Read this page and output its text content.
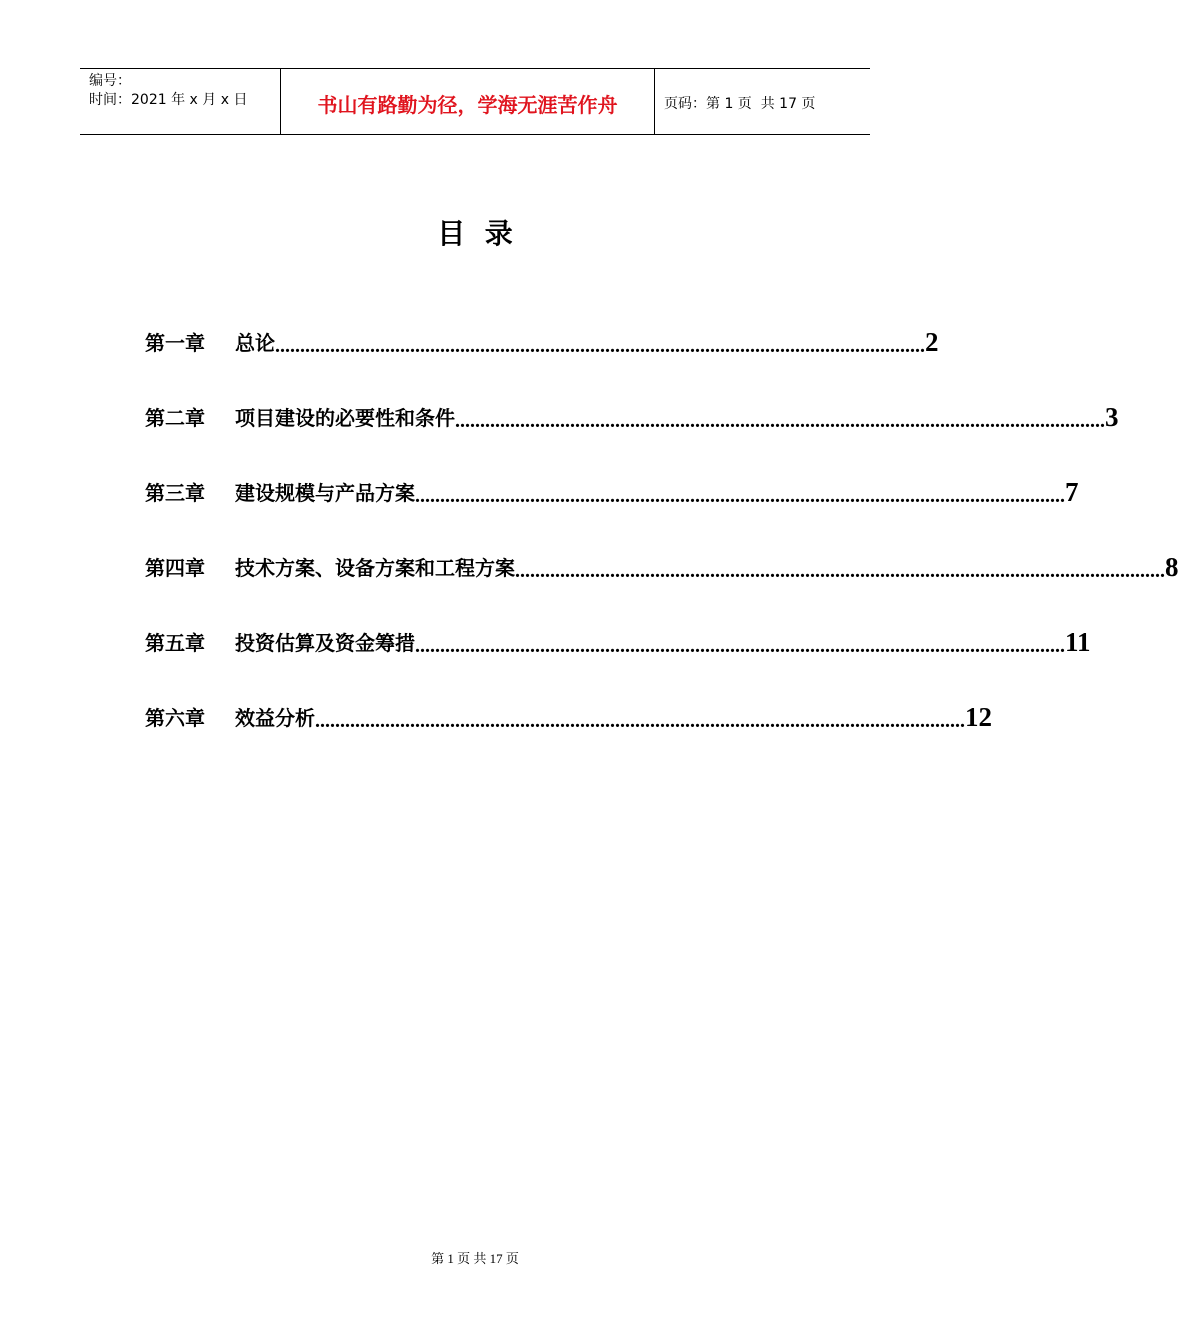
编号：
时间：2021 年 x 月 x 日	书山有路勤为径，学海无涯苦作舟	页码：第 1 页  共 17 页
目  录
第一章	总论 .................................................................................................................................. 2
第二章	项目建设的必要性和条件 .................................................................................................................................. 3
第三章	建设规模与产品方案 .................................................................................................................................. 7
第四章	技术方案、设备方案和工程方案 .................................................................................................................................. 8
第五章	投资估算及资金筹措 .................................................................................................................................. 11
第六章	效益分析 .................................................................................................................................. 12
第 1 页 共 17 页
